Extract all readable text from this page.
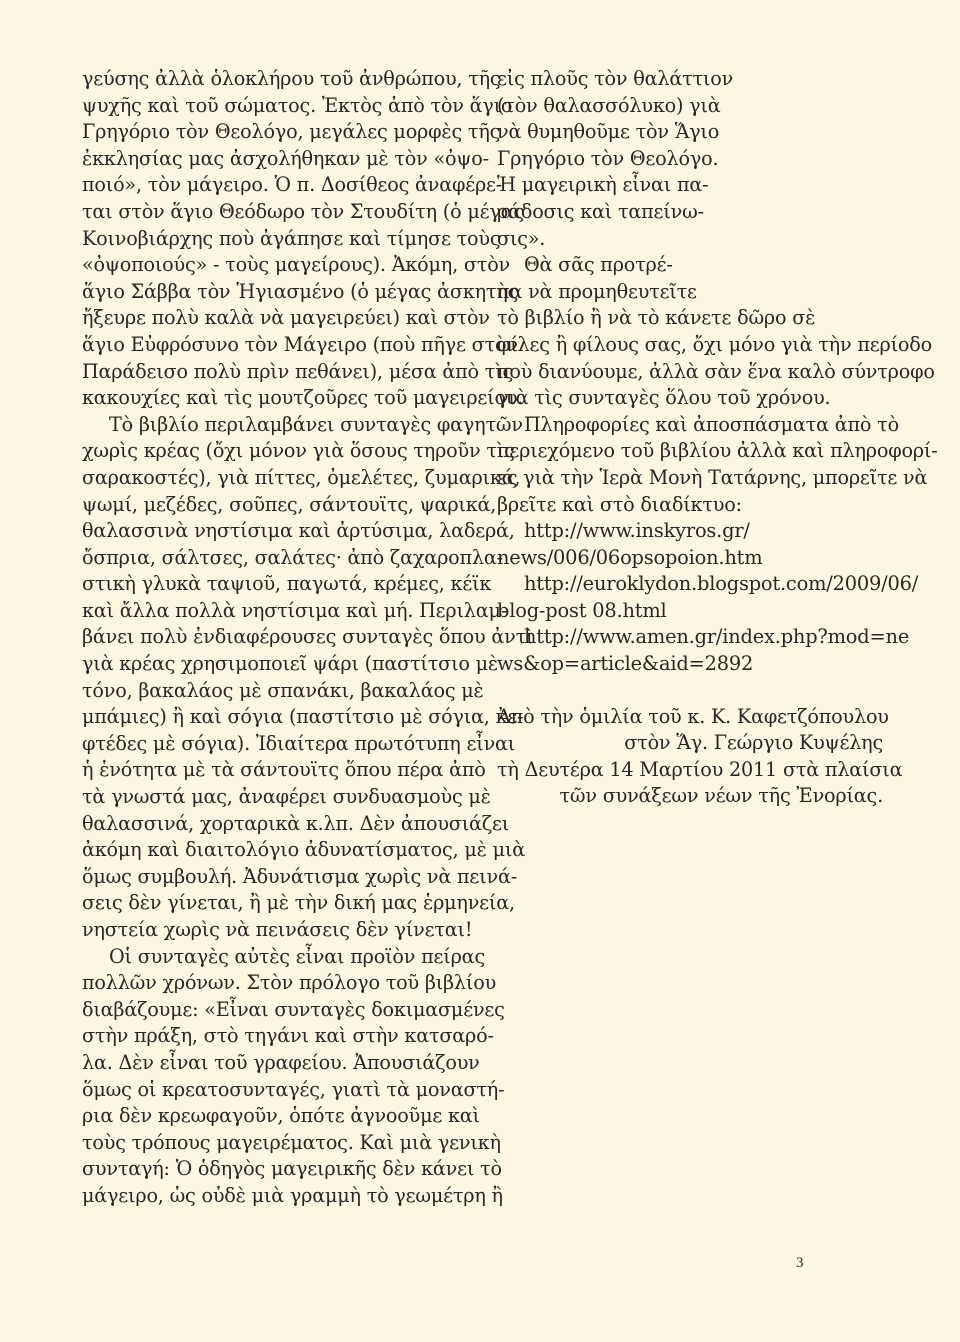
γεύσης ἀλλὰ ὁλοκλήρου τοῦ ἀνθρώπου, τῆς
ψυχῆς καὶ τοῦ σώματος. Ἐκτὸς ἀπὸ τὸν ἅγιο
Γρηγόριο τὸν Θεολόγο, μεγάλες μορφὲς τῆς
ἐκκλησίας μας ἀσχολήθηκαν μὲ τὸν «ὀψο-
ποιό», τὸν μάγειρο. Ὁ π. Δοσίθεος ἀναφέρε-
ται στὸν ἅγιο Θεόδωρο τὸν Στουδίτη (ὁ μέγας
Κοινοβιάρχης ποὺ ἀγάπησε καὶ τίμησε τοὺς
«ὀψοποιούς» - τοὺς μαγείρους). Ἀκόμη, στὸν
ἅγιο Σάββα τὸν Ἡγιασμένο (ὁ μέγας ἀσκητὴς
ἤξευρε πολὺ καλὰ νὰ μαγειρεύει) καὶ στὸν
ἅγιο Εὐφρόσυνο τὸν Μάγειρο (ποὺ πῆγε στὸν
Παράδεισο πολὺ πρὶν πεθάνει), μέσα ἀπὸ τὶς
κακουχίες καὶ τὶς μουτζοῦρες τοῦ μαγειρείου.
Τὸ βιβλίο περιλαμβάνει συνταγὲς φαγητῶν
χωρὶς κρέας (ὄχι μόνον γιὰ ὅσους τηροῦν τὶς
σαρακοστές), γιὰ πίττες, ὀμελέτες, ζυμαρικά,
ψωμί, μεζέδες, σοῦπες, σάντουϊτς, ψαρικά,
θαλασσινὰ νηστίσιμα καὶ ἀρτύσιμα, λαδερά,
ὄσπρια, σάλτσες, σαλάτες· ἀπὸ ζαχαροπλα-
στικὴ γλυκὰ ταψιοῦ, παγωτά, κρέμες, κέϊκ
καὶ ἄλλα πολλὰ νηστίσιμα καὶ μή. Περιλαμ-
βάνει πολὺ ἐνδιαφέρουσες συνταγὲς ὅπου ἀντὶ
γιὰ κρέας χρησιμοποιεῖ ψάρι (παστίτσιο μὲ
τόνο, βακαλάος μὲ σπανάκι, βακαλάος μὲ
μπάμιες) ἢ καὶ σόγια (παστίτσιο μὲ σόγια, κε-
φτέδες μὲ σόγια). Ἰδιαίτερα πρωτότυπη εἶναι
ἡ ἑνότητα μὲ τὰ σάντουϊτς ὅπου πέρα ἀπὸ
τὰ γνωστά μας, ἀναφέρει συνδυασμοὺς μὲ
θαλασσινά, χορταρικὰ κ.λπ. Δὲν ἀπουσιάζει
ἀκόμη καὶ διαιτολόγιο ἀδυνατίσματος, μὲ μιὰ
ὅμως συμβουλή. Ἀδυνάτισμα χωρὶς νὰ πεινά-
σεις δὲν γίνεται, ἢ μὲ τὴν δική μας ἑρμηνεία,
νηστεία χωρὶς νὰ πεινάσεις δὲν γίνεται!
Οἱ συνταγὲς αὐτὲς εἶναι προϊὸν πείρας
πολλῶν χρόνων. Στὸν πρόλογο τοῦ βιβλίου
διαβάζουμε: «Εἶναι συνταγὲς δοκιμασμένες
στὴν πράξη, στὸ τηγάνι καὶ στὴν κατσαρό-
λα. Δὲν εἶναι τοῦ γραφείου. Ἀπουσιάζουν
ὅμως οἱ κρεατοσυνταγές, γιατὶ τὰ μοναστή-
ρια δὲν κρεωφαγοῦν, ὁπότε ἀγνοοῦμε καὶ
τοὺς τρόπους μαγειρέματος. Καὶ μιὰ γενικὴ
συνταγή: Ὁ ὁδηγὸς μαγειρικῆς δὲν κάνει τὸ
μάγειρο, ὡς οὐδὲ μιὰ γραμμὴ τὸ γεωμέτρη ἢ
εἰς πλοῦς τὸν θαλάττιον
(τὸν θαλασσόλυκο) γιὰ
νὰ θυμηθοῦμε τὸν Ἅγιο
Γρηγόριο τὸν Θεολόγο.
Ἡ μαγειρικὴ εἶναι πα-
ράδοσις καὶ ταπείνω-
σις».
Θὰ σᾶς προτρέ-
πα νὰ προμηθευτεῖτε
τὸ βιβλίο ἢ νὰ τὸ κάνετε δῶρο σὲ
φίλες ἢ φίλους σας, ὄχι μόνο γιὰ τὴν περίοδο
ποὺ διανύουμε, ἀλλὰ σὰν ἕνα καλὸ σύντροφο
γιὰ τὶς συνταγὲς ὅλου τοῦ χρόνου.
Πληροφορίες καὶ ἀποσπάσματα ἀπὸ τὸ
περιεχόμενο τοῦ βιβλίου ἀλλὰ καὶ πληροφορί-
ες γιὰ τὴν Ἱερὰ Μονὴ Τατάρνης, μπορεῖτε νὰ
βρεῖτε καὶ στὸ διαδίκτυο:
http://www.inskyros.gr/
news/006/06opsopoion.htm
http://euroklydon.blogspot.com/2009/06/
blog-post 08.html
http://www.amen.gr/index.php?mod=ne
ws&op=article&aid=2892
Ἀπὸ τὴν ὁμιλία τοῦ κ. Κ. Καφετζόπουλου
στὸν Ἅγ. Γεώργιο Κυψέλης
τὴ Δευτέρα 14 Μαρτίου 2011 στὰ πλαίσια
τῶν συνάξεων νέων τῆς Ἐνορίας.
3
